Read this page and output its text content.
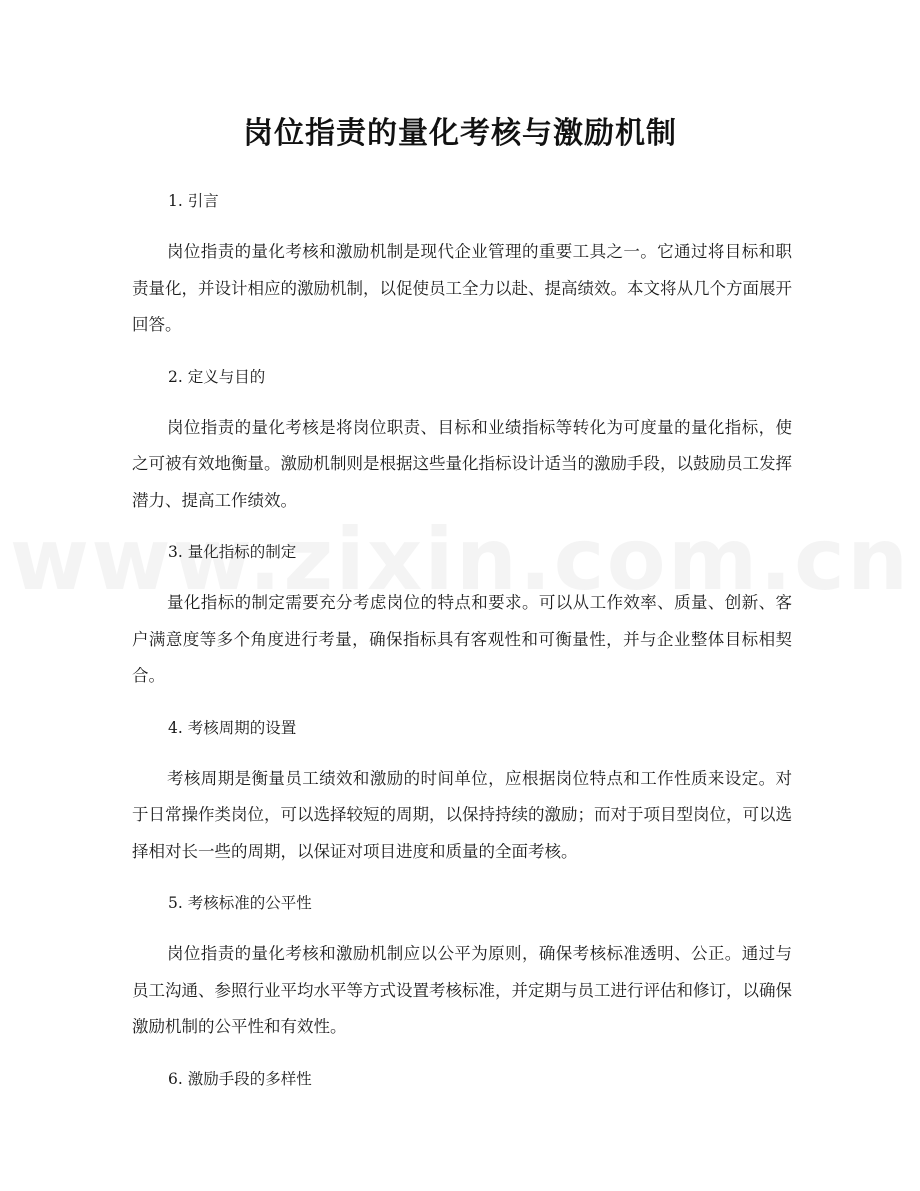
岗位指责的量化考核与激励机制
1. 引言

岗位指责的量化考核和激励机制是现代企业管理的重要工具之一。它通过将目标和职责量化，并设计相应的激励机制，以促使员工全力以赴、提高绩效。本文将从几个方面展开回答。

2. 定义与目的

岗位指责的量化考核是将岗位职责、目标和业绩指标等转化为可度量的量化指标，使之可被有效地衡量。激励机制则是根据这些量化指标设计适当的激励手段，以鼓励员工发挥潜力、提高工作绩效。

3. 量化指标的制定

量化指标的制定需要充分考虑岗位的特点和要求。可以从工作效率、质量、创新、客户满意度等多个角度进行考量，确保指标具有客观性和可衡量性，并与企业整体目标相契合。

4. 考核周期的设置

考核周期是衡量员工绩效和激励的时间单位，应根据岗位特点和工作性质来设定。对于日常操作类岗位，可以选择较短的周期，以保持持续的激励；而对于项目型岗位，可以选择相对长一些的周期，以保证对项目进度和质量的全面考核。

5. 考核标准的公平性

岗位指责的量化考核和激励机制应以公平为原则，确保考核标准透明、公正。通过与员工沟通、参照行业平均水平等方式设置考核标准，并定期与员工进行评估和修订，以确保激励机制的公平性和有效性。

6. 激励手段的多样性
